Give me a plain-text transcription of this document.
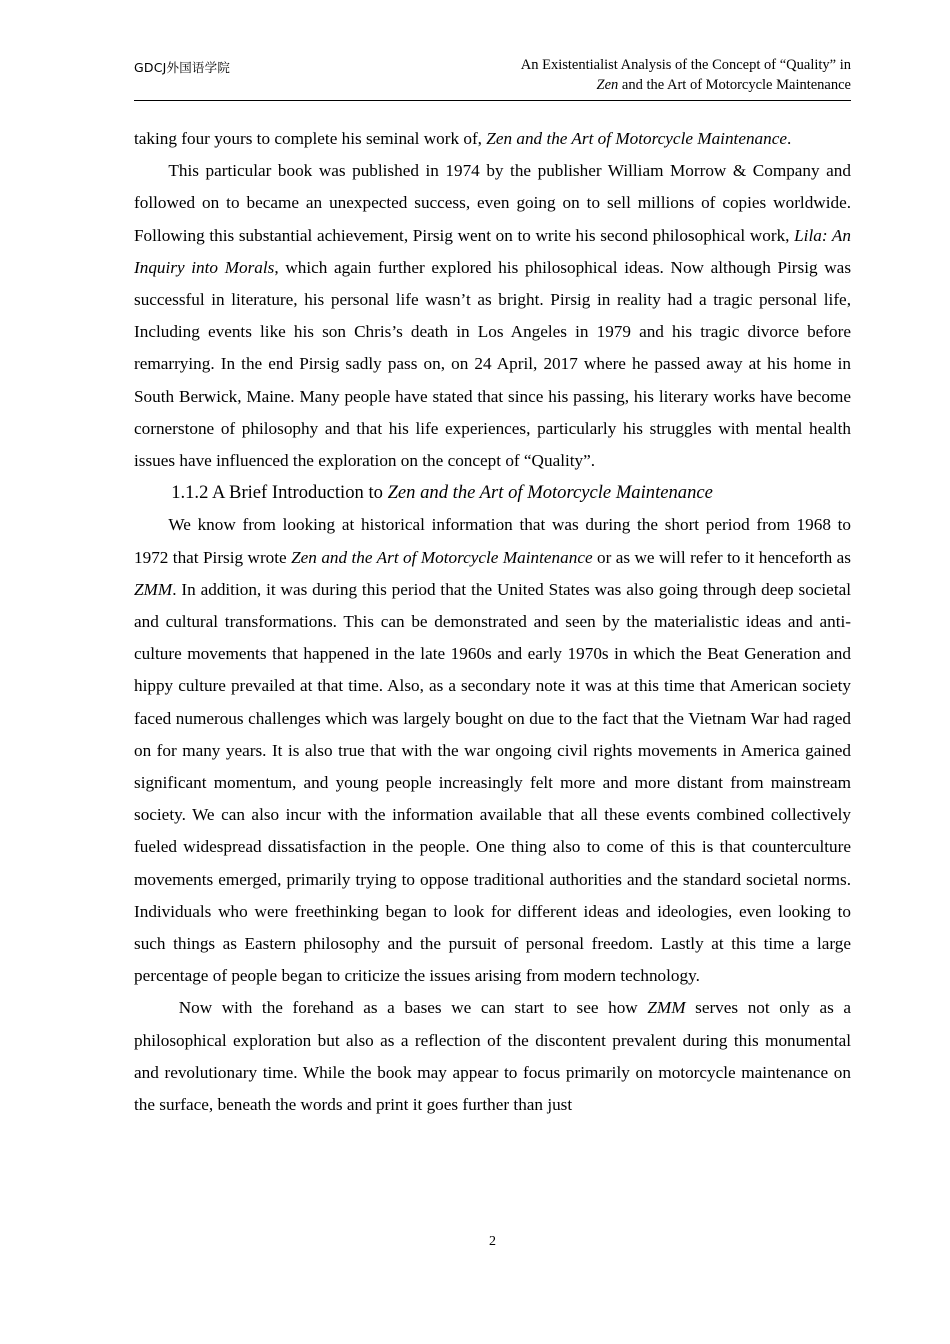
GDCJ外国语学院	An Existentialist Analysis of the Concept of “Quality” in
Zen and the Art of Motorcycle Maintenance

taking four yours to complete his seminal work of, Zen and the Art of Motorcycle Maintenance.

This particular book was published in 1974 by the publisher William Morrow & Company and followed on to became an unexpected success, even going on to sell millions of copies worldwide. Following this substantial achievement, Pirsig went on to write his second philosophical work, Lila: An Inquiry into Morals, which again further explored his philosophical ideas. Now although Pirsig was successful in literature, his personal life wasn’t as bright. Pirsig in reality had a tragic personal life, Including events like his son Chris’s death in Los Angeles in 1979 and his tragic divorce before remarrying. In the end Pirsig sadly pass on, on 24 April, 2017 where he passed away at his home in South Berwick, Maine. Many people have stated that since his passing, his literary works have become cornerstone of philosophy and that his life experiences, particularly his struggles with mental health issues have influenced the exploration on the concept of “Quality”.

1.1.2 A Brief Introduction to Zen and the Art of Motorcycle Maintenance

We know from looking at historical information that was during the short period from 1968 to 1972 that Pirsig wrote Zen and the Art of Motorcycle Maintenance or as we will refer to it henceforth as ZMM. In addition, it was during this period that the United States was also going through deep societal and cultural transformations. This can be demonstrated and seen by the materialistic ideas and anti-culture movements that happened in the late 1960s and early 1970s in which the Beat Generation and hippy culture prevailed at that time. Also, as a secondary note it was at this time that American society faced numerous challenges which was largely bought on due to the fact that the Vietnam War had raged on for many years. It is also true that with the war ongoing civil rights movements in America gained significant momentum, and young people increasingly felt more and more distant from mainstream society. We can also incur with the information available that all these events combined collectively fueled widespread dissatisfaction in the people. One thing also to come of this is that counterculture movements emerged, primarily trying to oppose traditional authorities and the standard societal norms. Individuals who were freethinking began to look for different ideas and ideologies, even looking to such things as Eastern philosophy and the pursuit of personal freedom. Lastly at this time a large percentage of people began to criticize the issues arising from modern technology.

Now with the forehand as a bases we can start to see how ZMM serves not only as a philosophical exploration but also as a reflection of the discontent prevalent during this monumental and revolutionary time. While the book may appear to focus primarily on motorcycle maintenance on the surface, beneath the words and print it goes further than just

2
